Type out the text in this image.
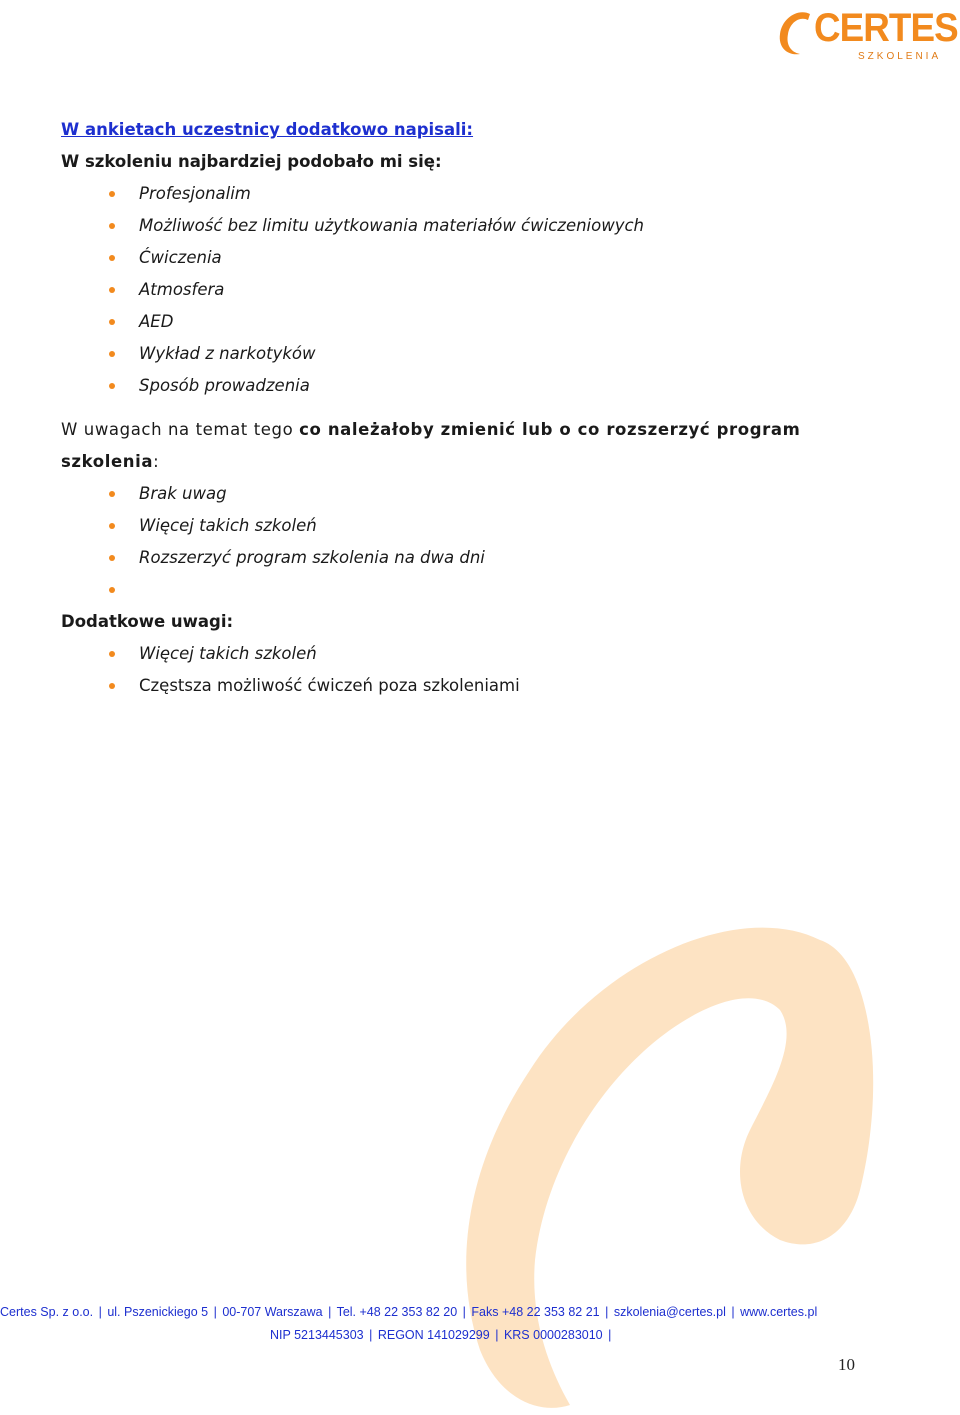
CERTES
SZKOLENIA

W ankietach uczestnicy dodatkowo napisali:

W szkoleniu najbardziej podobało mi się:

Profesjonalim
Możliwość bez limitu użytkowania materiałów ćwiczeniowych
Ćwiczenia
Atmosfera
AED
Wykład z narkotyków
Sposób prowadzenia

W uwagach na temat tego co należałoby zmienić lub o co rozszerzyć program szkolenia:

Brak uwag
Więcej takich szkoleń
Rozszerzyć program szkolenia na dwa dni

Dodatkowe uwagi:

Więcej takich szkoleń
Częstsza możliwość ćwiczeń poza szkoleniami
Certes Sp. z o.o. | ul. Pszenickiego 5 | 00-707 Warszawa | Tel. +48 22 353 82 20 | Faks +48 22 353 82 21 | szkolenia@certes.pl | www.certes.pl
NIP 5213445303 | REGON 141029299 | KRS 0000283010 |
10
